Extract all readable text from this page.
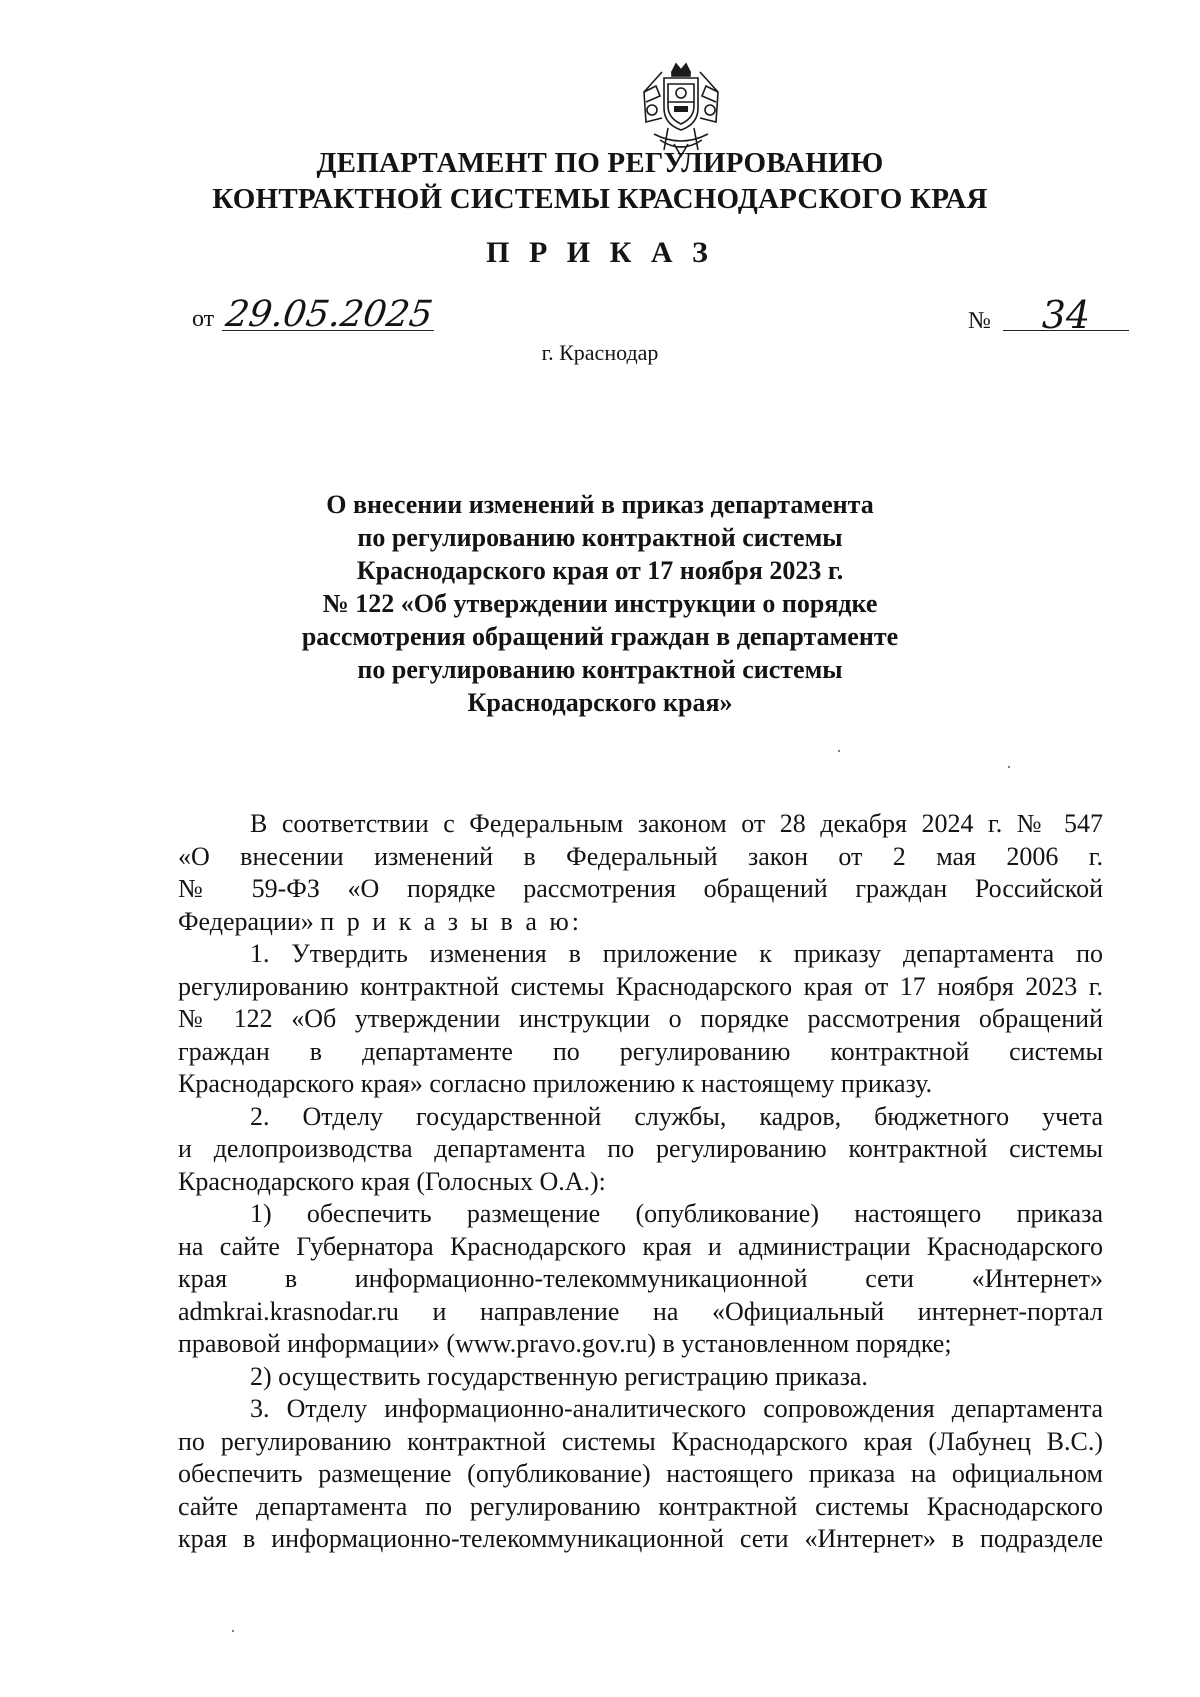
ДЕПАРТАМЕНТ ПО РЕГУЛИРОВАНИЮ
КОНТРАКТНОЙ СИСТЕМЫ КРАСНОДАРСКОГО КРАЯ
П Р И К А З
от 29.05.2025	№ 34
г. Краснодар
О внесении изменений в приказ департамента
по регулированию контрактной системы
Краснодарского края от 17 ноября 2023 г.
№ 122 «Об утверждении инструкции о порядке
рассмотрения обращений граждан в департаменте
по регулированию контрактной системы
Краснодарского края»
В соответствии с Федеральным законом от 28 декабря 2024 г. № 547
«О внесении изменений в Федеральный закон от 2 мая 2006 г.
№ 59-ФЗ «О порядке рассмотрения обращений граждан Российской
Федерации» п р и к а з ы в а ю:
1. Утвердить изменения в приложение к приказу департамента по
регулированию контрактной системы Краснодарского края от 17 ноября 2023 г.
№ 122 «Об утверждении инструкции о порядке рассмотрения обращений
граждан в департаменте по регулированию контрактной системы
Краснодарского края» согласно приложению к настоящему приказу.
2. Отделу государственной службы, кадров, бюджетного учета
и делопроизводства департамента по регулированию контрактной системы
Краснодарского края (Голосных О.А.):
1) обеспечить размещение (опубликование) настоящего приказа
на сайте Губернатора Краснодарского края и администрации Краснодарского
края в информационно-телекоммуникационной сети «Интернет»
admkrai.krasnodar.ru и направление на «Официальный интернет-портал
правовой информации» (www.pravo.gov.ru) в установленном порядке;
2) осуществить государственную регистрацию приказа.
3. Отделу информационно-аналитического сопровождения департамента
по регулированию контрактной системы Краснодарского края (Лабунец В.С.)
обеспечить размещение (опубликование) настоящего приказа на официальном
сайте департамента по регулированию контрактной системы Краснодарского
края в информационно-телекоммуникационной сети «Интернет» в подразделе
